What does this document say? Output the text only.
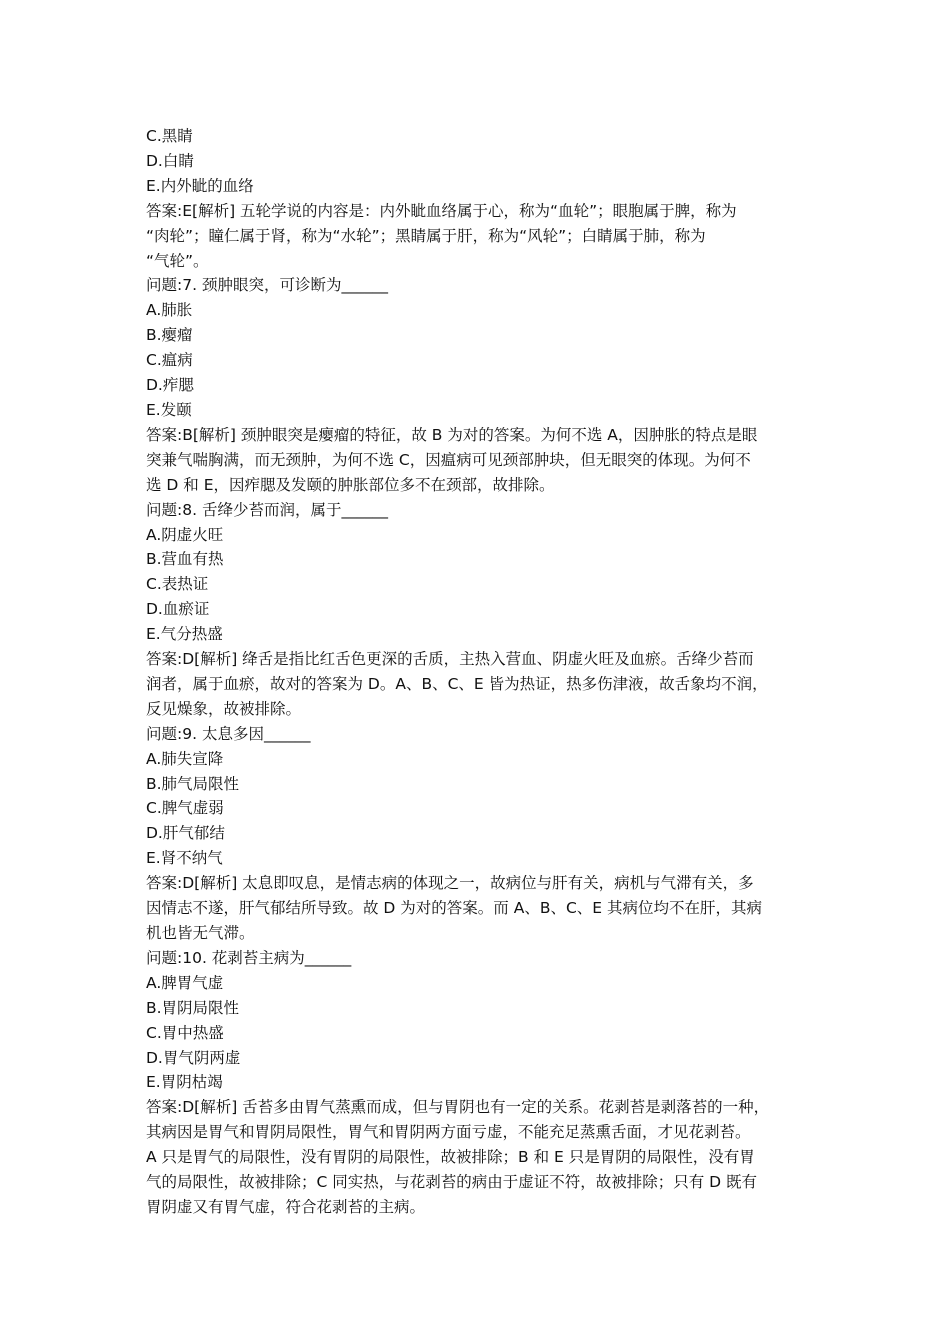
C.黑睛
D.白睛
E.内外眦的血络
答案:E[解析] 五轮学说的内容是：内外眦血络属于心，称为“血轮”；眼胞属于脾，称为
“肉轮”；瞳仁属于肾，称为“水轮”；黑睛属于肝，称为“风轮”；白睛属于肺，称为
“气轮”。
问题:7. 颈肿眼突，可诊断为______
A.肺胀
B.瘿瘤
C.瘟病
D.痄腮
E.发颐
答案:B[解析] 颈肿眼突是瘿瘤的特征，故 B 为对的答案。为何不选 A，因肿胀的特点是眼
突兼气喘胸满，而无颈肿，为何不选 C，因瘟病可见颈部肿块，但无眼突的体现。为何不
选 D 和 E，因痄腮及发颐的肿胀部位多不在颈部，故排除。
问题:8. 舌绛少苔而润，属于______
A.阴虚火旺
B.营血有热
C.表热证
D.血瘀证
E.气分热盛
答案:D[解析] 绛舌是指比红舌色更深的舌质，主热入营血、阴虚火旺及血瘀。舌绛少苔而
润者，属于血瘀，故对的答案为 D。A、B、C、E 皆为热证，热多伤津液，故舌象均不润，
反见燥象，故被排除。
问题:9. 太息多因______
A.肺失宣降
B.肺气局限性
C.脾气虚弱
D.肝气郁结
E.肾不纳气
答案:D[解析] 太息即叹息，是情志病的体现之一，故病位与肝有关，病机与气滞有关，多
因情志不遂，肝气郁结所导致。故 D 为对的答案。而 A、B、C、E 其病位均不在肝，其病
机也皆无气滞。
问题:10. 花剥苔主病为______
A.脾胃气虚
B.胃阴局限性
C.胃中热盛
D.胃气阴两虚
E.胃阴枯竭
答案:D[解析] 舌苔多由胃气蒸熏而成，但与胃阴也有一定的关系。花剥苔是剥落苔的一种，
其病因是胃气和胃阴局限性，胃气和胃阴两方面亏虚，不能充足蒸熏舌面，才见花剥苔。
A 只是胃气的局限性，没有胃阴的局限性，故被排除；B 和 E 只是胃阴的局限性，没有胃
气的局限性，故被排除；C 同实热，与花剥苔的病由于虚证不符，故被排除；只有 D 既有
胃阴虚又有胃气虚，符合花剥苔的主病。
